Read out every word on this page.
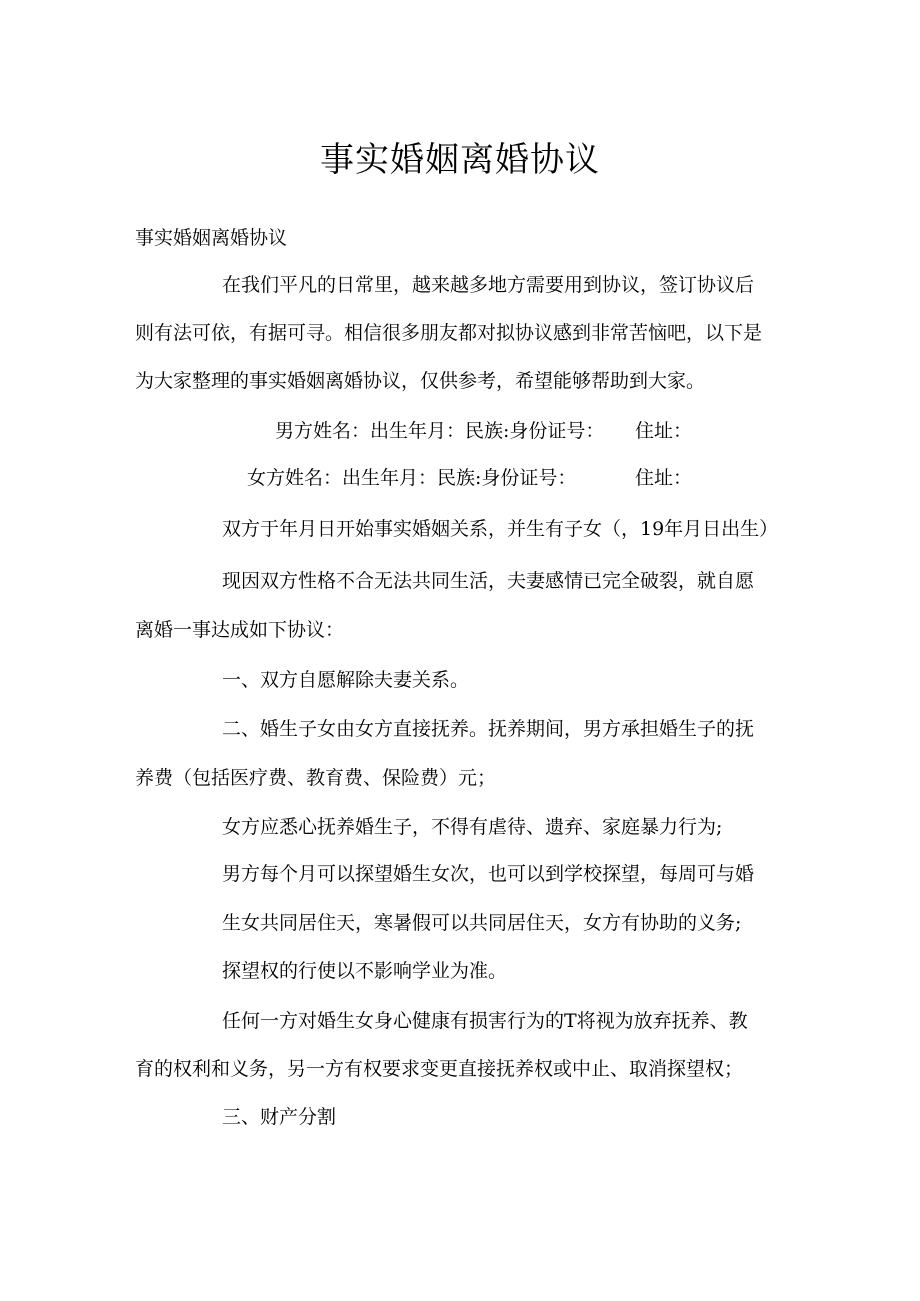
事实婚姻离婚协议
事实婚姻离婚协议
在我们平凡的日常里，越来越多地方需要用到协议，签订协议后
则有法可依，有据可寻。相信很多朋友都对拟协议感到非常苦恼吧，以下是
为大家整理的事实婚姻离婚协议，仅供参考，希望能够帮助到大家。
男方姓名：出生年月：民族:身份证号： 住址：
女方姓名：出生年月：民族:身份证号：	住址：
双方于年月日开始事实婚姻关系，并生有子女（，19年月日出生）
现因双方性格不合无法共同生活，夫妻感情已完全破裂，就自愿
离婚一事达成如下协议：
一、双方自愿解除夫妻关系。
二、婚生子女由女方直接抚养。抚养期间，男方承担婚生子的抚
养费（包括医疗费、教育费、保险费）元；
女方应悉心抚养婚生子，不得有虐待、遗弃、家庭暴力行为;
男方每个月可以探望婚生女次，也可以到学校探望，每周可与婚
生女共同居住天，寒暑假可以共同居住天，女方有协助的义务;
探望权的行使以不影响学业为准。
任何一方对婚生女身心健康有损害行为的T将视为放弃抚养、教
育的权利和义务，另一方有权要求变更直接抚养权或中止、取消探望权；
三、财产分割
